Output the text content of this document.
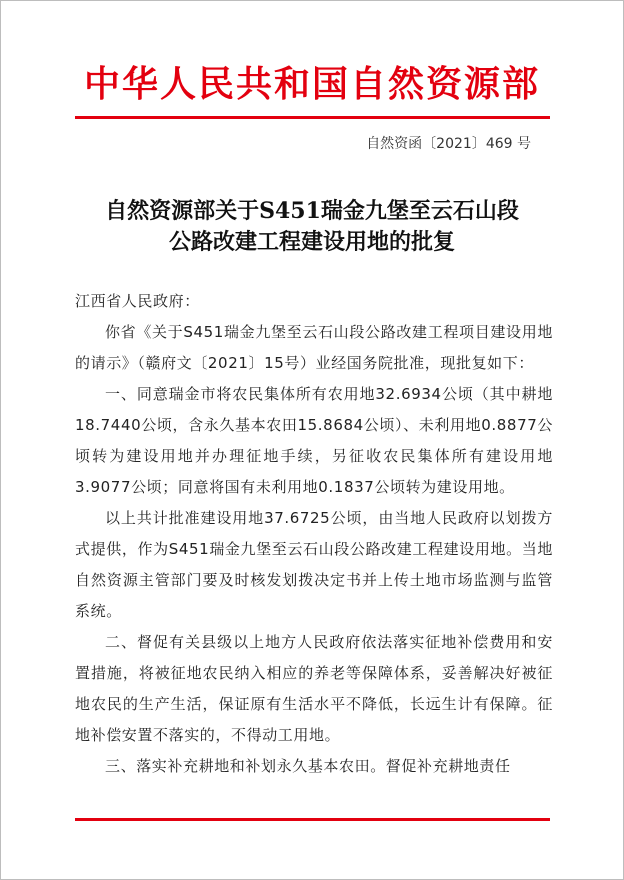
中华人民共和国自然资源部
自然资函〔2021〕469 号
自然资源部关于S451瑞金九堡至云石山段
公路改建工程建设用地的批复

江西省人民政府：

你省《关于S451瑞金九堡至云石山段公路改建工程项目建设用地的请示》（赣府文〔2021〕15号）业经国务院批准，现批复如下：

一、同意瑞金市将农民集体所有农用地32.6934公顷（其中耕地18.7440公顷，含永久基本农田15.8684公顷）、未利用地0.8877公顷转为建设用地并办理征地手续，另征收农民集体所有建设用地3.9077公顷；同意将国有未利用地0.1837公顷转为建设用地。

以上共计批准建设用地37.6725公顷，由当地人民政府以划拨方式提供，作为S451瑞金九堡至云石山段公路改建工程建设用地。当地自然资源主管部门要及时核发划拨决定书并上传土地市场监测与监管系统。

二、督促有关县级以上地方人民政府依法落实征地补偿费用和安置措施，将被征地农民纳入相应的养老等保障体系，妥善解决好被征地农民的生产生活，保证原有生活水平不降低，长远生计有保障。征地补偿安置不落实的，不得动工用地。

三、落实补充耕地和补划永久基本农田。督促补充耕地责任
